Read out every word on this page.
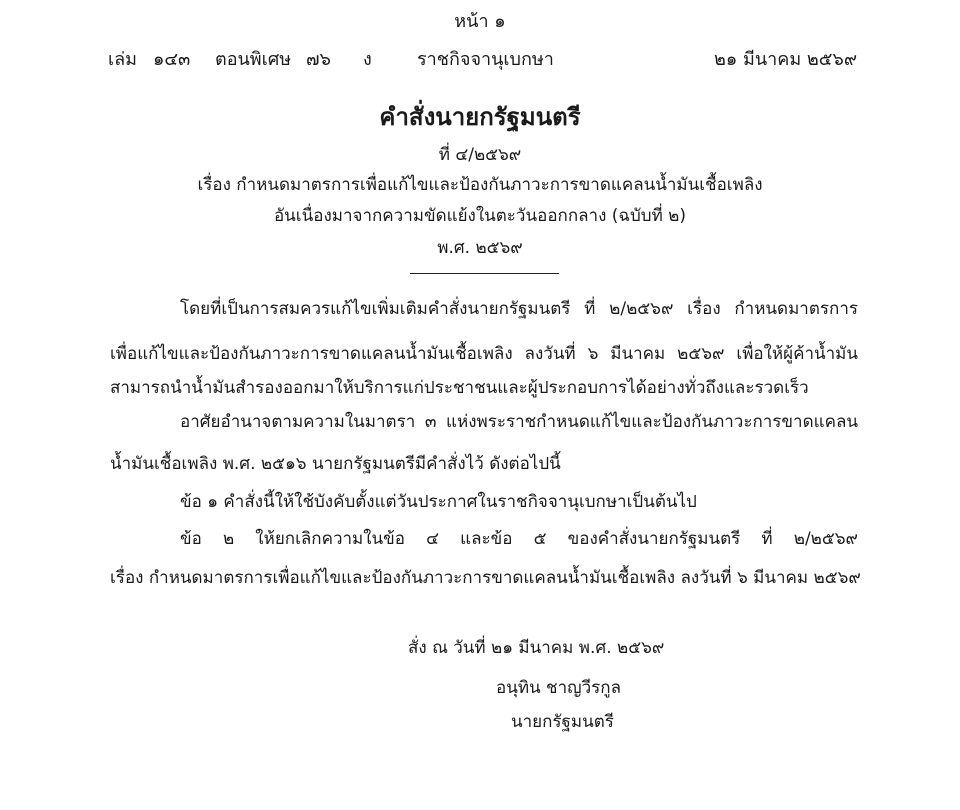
หน้า ๑
เล่ม ๑๔๓ ตอนพิเศษ ๗๖ ง	ราชกิจจานุเบกษา	๒๑ มีนาคม ๒๕๖๙
คำสั่งนายกรัฐมนตรี
ที่ ๔/๒๕๖๙
เรื่อง กำหนดมาตรการเพื่อแก้ไขและป้องกันภาวะการขาดแคลนน้ำมันเชื้อเพลิง
อันเนื่องมาจากความขัดแย้งในตะวันออกกลาง (ฉบับที่ ๒)
พ.ศ. ๒๕๖๙
โดยที่เป็นการสมควรแก้ไขเพิ่มเติมคำสั่งนายกรัฐมนตรี ที่ ๒/๒๕๖๙ เรื่อง กำหนดมาตรการ
เพื่อแก้ไขและป้องกันภาวะการขาดแคลนน้ำมันเชื้อเพลิง ลงวันที่ ๖ มีนาคม ๒๕๖๙ เพื่อให้ผู้ค้าน้ำมัน
สามารถนำน้ำมันสำรองออกมาให้บริการแก่ประชาชนและผู้ประกอบการได้อย่างทั่วถึงและรวดเร็ว
อาศัยอำนาจตามความในมาตรา ๓ แห่งพระราชกำหนดแก้ไขและป้องกันภาวะการขาดแคลน
น้ำมันเชื้อเพลิง พ.ศ. ๒๕๑๖ นายกรัฐมนตรีมีคำสั่งไว้ ดังต่อไปนี้
ข้อ ๑ คำสั่งนี้ให้ใช้บังคับตั้งแต่วันประกาศในราชกิจจานุเบกษาเป็นต้นไป
ข้อ ๒ ให้ยกเลิกความในข้อ ๔ และข้อ ๕ ของคำสั่งนายกรัฐมนตรี ที่ ๒/๒๕๖๙
เรื่อง กำหนดมาตรการเพื่อแก้ไขและป้องกันภาวะการขาดแคลนน้ำมันเชื้อเพลิง ลงวันที่ ๖ มีนาคม ๒๕๖๙
สั่ง ณ วันที่ ๒๑ มีนาคม พ.ศ. ๒๕๖๙
อนุทิน ชาญวีรกูล
นายกรัฐมนตรี
